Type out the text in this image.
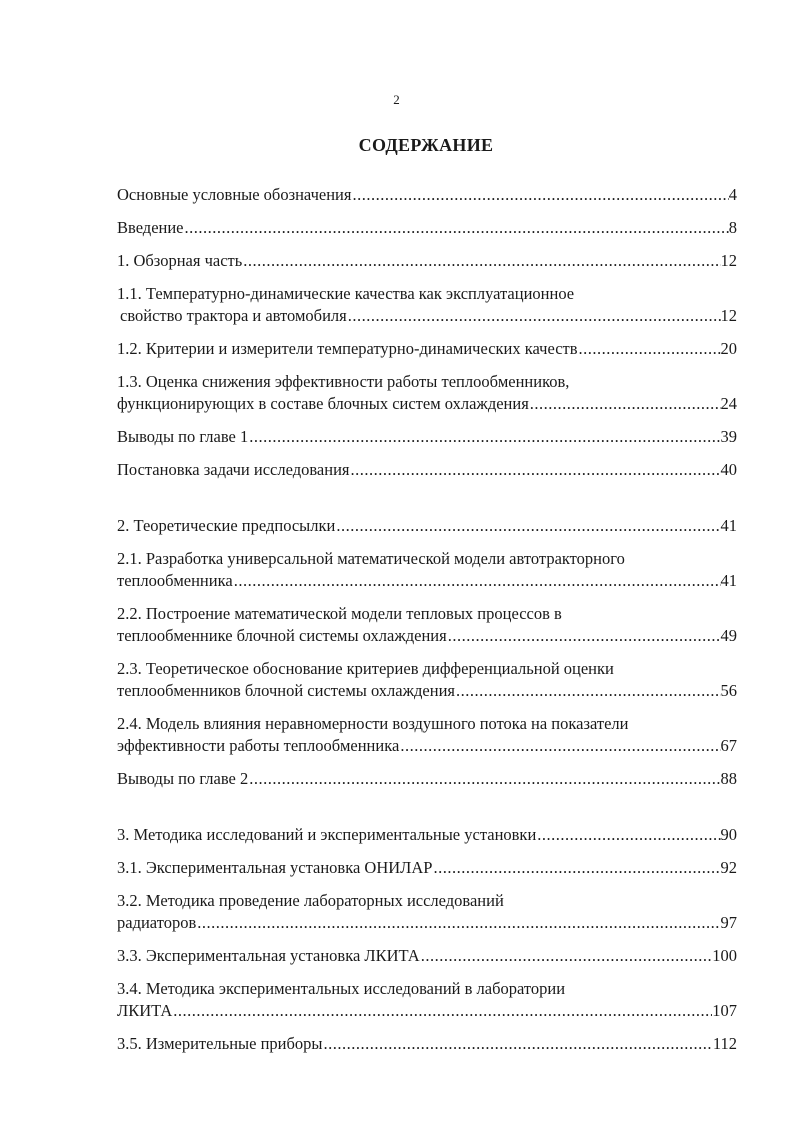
2
СОДЕРЖАНИЕ
Основные условные обозначения .....	4
Введение .....	8
1. Обзорная часть .....	12
1.1. Температурно-динамические качества как эксплуатационное
свойство трактора и автомобиля .....	12
1.2. Критерии и измерители температурно-динамических качеств .....	20
1.3. Оценка снижения эффективности работы теплообменников,
функционирующих в составе блочных систем охлаждения .....	24
Выводы по главе 1 .....	39
Постановка задачи исследования .....	40
2. Теоретические предпосылки .....	41
2.1. Разработка универсальной математической модели автотракторного
теплообменника .....	41
2.2. Построение математической модели тепловых процессов в
теплообменнике блочной системы охлаждения .....	49
2.3. Теоретическое обоснование критериев дифференциальной оценки
теплообменников блочной системы охлаждения .....	56
2.4. Модель влияния неравномерности воздушного потока на показатели
эффективности работы теплообменника .....	67
Выводы по главе 2 .....	88
3. Методика исследований и экспериментальные установки .....	90
3.1. Экспериментальная установка ОНИЛАР .....	92
3.2. Методика проведение лабораторных исследований
радиаторов .....	97
3.3. Экспериментальная установка ЛКИТА .....	100
3.4. Методика экспериментальных исследований в лаборатории
ЛКИТА .....	107
3.5. Измерительные приборы .....	112
